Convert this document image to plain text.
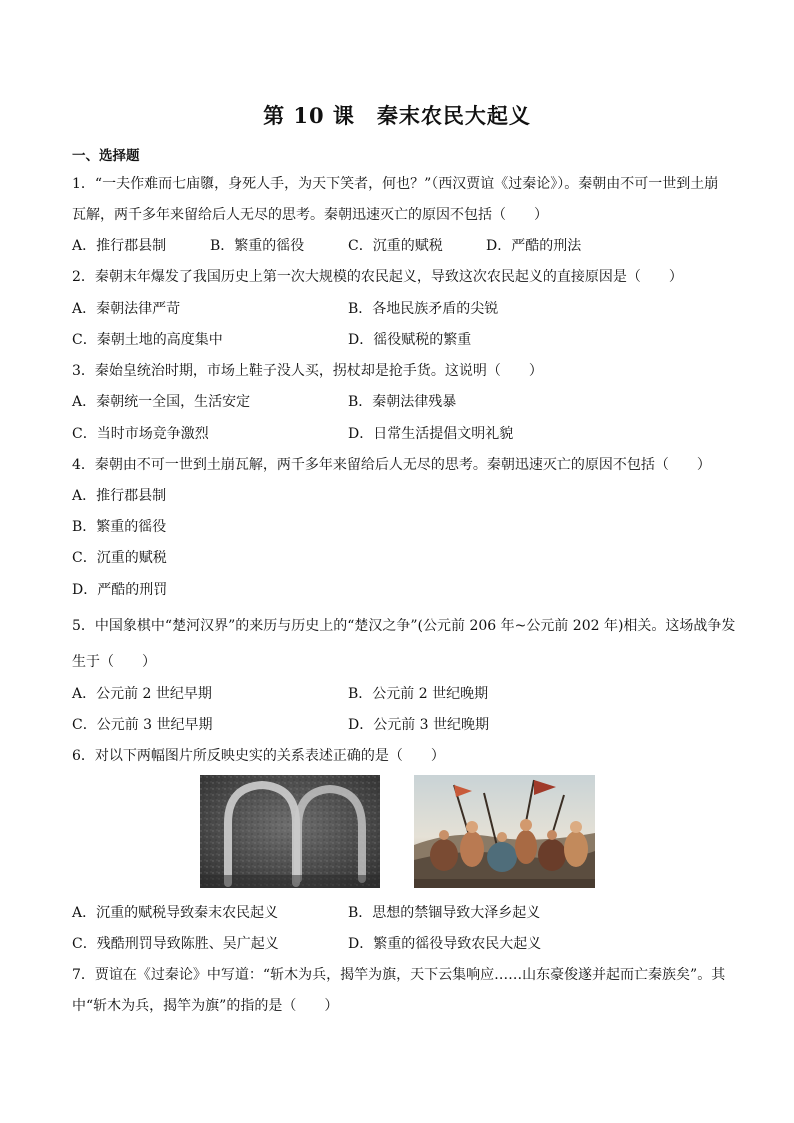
第 10 课 秦末农民大起义
一、选择题
1．“一夫作难而七庙隳，身死人手，为天下笑者，何也？”（西汉贾谊《过秦论》）。秦朝由不可一世到土崩
瓦解，两千多年来留给后人无尽的思考。秦朝迅速灭亡的原因不包括（　　）
A．推行郡县制	B．繁重的徭役	C．沉重的赋税	D．严酷的刑法
2．秦朝末年爆发了我国历史上第一次大规模的农民起义，导致这次农民起义的直接原因是（　　）
A．秦朝法律严苛	B．各地民族矛盾的尖锐
C．秦朝土地的高度集中	D．徭役赋税的繁重
3．秦始皇统治时期，市场上鞋子没人买，拐杖却是抢手货。这说明（　　）
A．秦朝统一全国，生活安定	B．秦朝法律残暴
C．当时市场竞争激烈	D．日常生活提倡文明礼貌
4．秦朝由不可一世到土崩瓦解，两千多年来留给后人无尽的思考。秦朝迅速灭亡的原因不包括（　　）
A．推行郡县制
B．繁重的徭役
C．沉重的赋税
D．严酷的刑罚
5．中国象棋中“楚河汉界”的来历与历史上的“楚汉之争”(公元前 206 年~公元前 202 年)相关。这场战争发
生于（　　）
A．公元前 2 世纪早期	B．公元前 2 世纪晚期
C．公元前 3 世纪早期	D．公元前 3 世纪晚期
6．对以下两幅图片所反映史实的关系表述正确的是（　　）
A．沉重的赋税导致秦末农民起义	B．思想的禁锢导致大泽乡起义
C．残酷刑罚导致陈胜、吴广起义	D．繁重的徭役导致农民大起义
7．贾谊在《过秦论》中写道：“斩木为兵，揭竿为旗，天下云集响应……山东豪俊遂并起而亡秦族矣”。其
中“斩木为兵，揭竿为旗”的指的是（　　）
